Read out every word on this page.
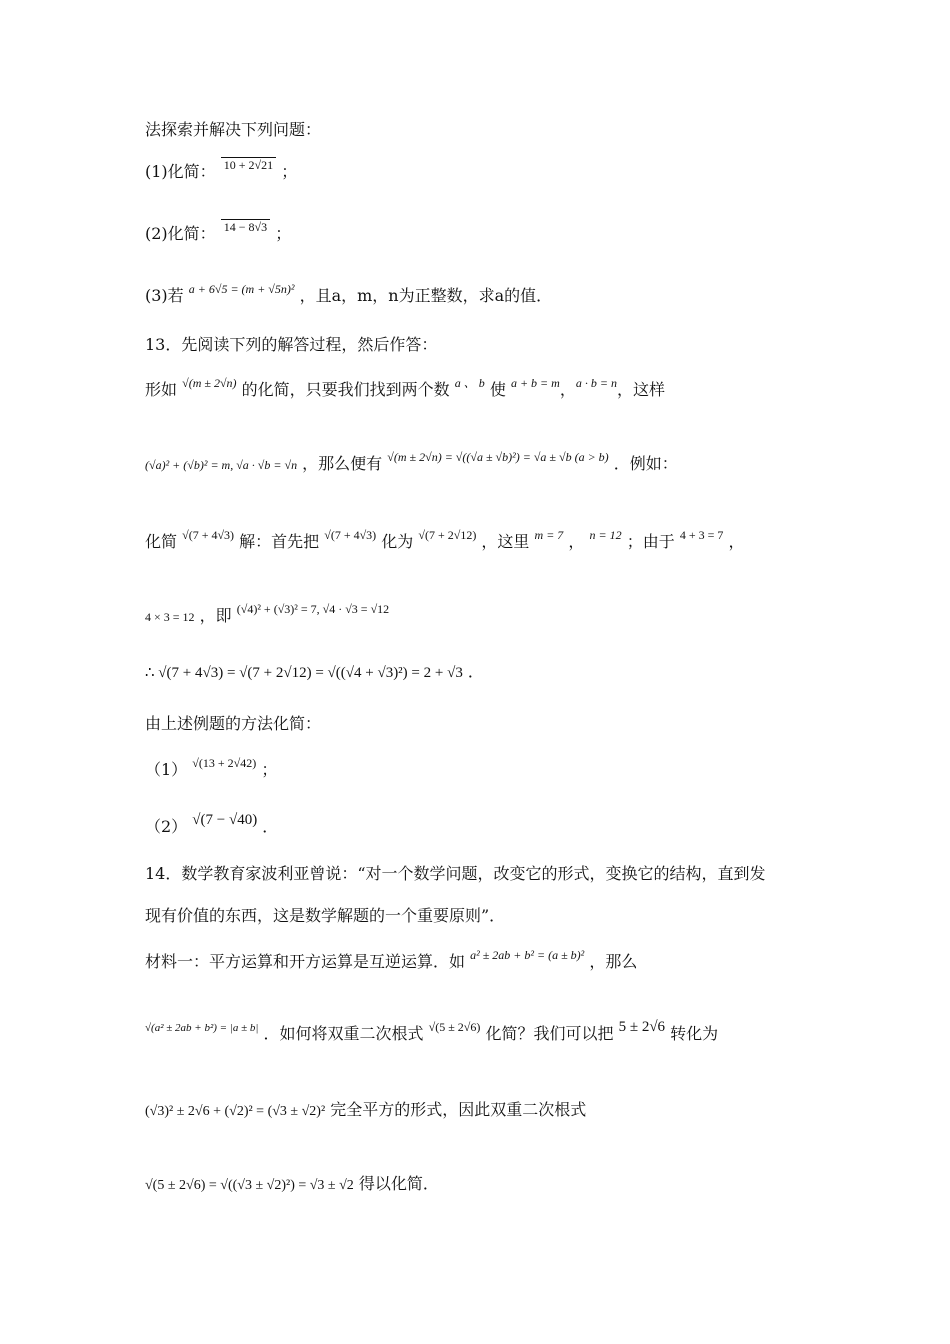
法探索并解决下列问题：
(1)化简： $^{10 + 2√21}$ ；
(2)化简： $^{14 - 8√3}$ ；
(3)若 $^{a + 6√5 = (m + √5n)^2}$ ，且a，m，n为正整数，求a的值．
13．先阅读下列的解答过程，然后作答：
形如 $^{√(m \pm 2√n)}$ 的化简，只要我们找到两个数 $^{a 、 b}$ 使 $^{a + b = m}$，$^{a \cdot b = n}$，这样
(√a)² + (√b)² = m, √a · √b = √n ，那么便有 $^{√(m \pm 2√n) = √((√a \pm √b)^2) = √a \pm √b (a > b)}$ ．例如：
化简 $^{√(7 + 4√3)}$ 解：首先把 $^{√(7 + 4√3)}$ 化为 $^{√(7 + 2√12)}$ ，这里 $^{m = 7}$ ， $^{n = 12}$ ；由于 $^{4 + 3 = 7}$ ，
4 × 3 = 12 ，即 $^{(√4)^2 + (√3)^2 = 7, √4 \cdot √3 = √12}$
∴ √(7 + 4√3) = √(7 + 2√12) = √((√4 + √3)²) = 2 + √3 ．
由上述例题的方法化简：
（1） $^{√(13 + 2√42)}$ ；
（2） √(7 − √40) ．
14．数学教育家波利亚曾说：“对一个数学问题，改变它的形式，变换它的结构，直到发
现有价值的东西，这是数学解题的一个重要原则”．
材料一：平方运算和开方运算是互逆运算．如 $^{a^2 \pm 2ab + b^2 = (a \pm b)^2}$ ，那么
$^{√(a^2 \pm 2ab + b^2) = |a \pm b|}$ ．如何将双重二次根式 $^{√(5 \pm 2√6)}$ 化简？我们可以把 5 ± 2√6 转化为
(√3)² ± 2√6 + (√2)² = (√3 ± √2)² 完全平方的形式，因此双重二次根式
√(5 ± 2√6) = √((√3 ± √2)²) = √3 ± √2 得以化简．
